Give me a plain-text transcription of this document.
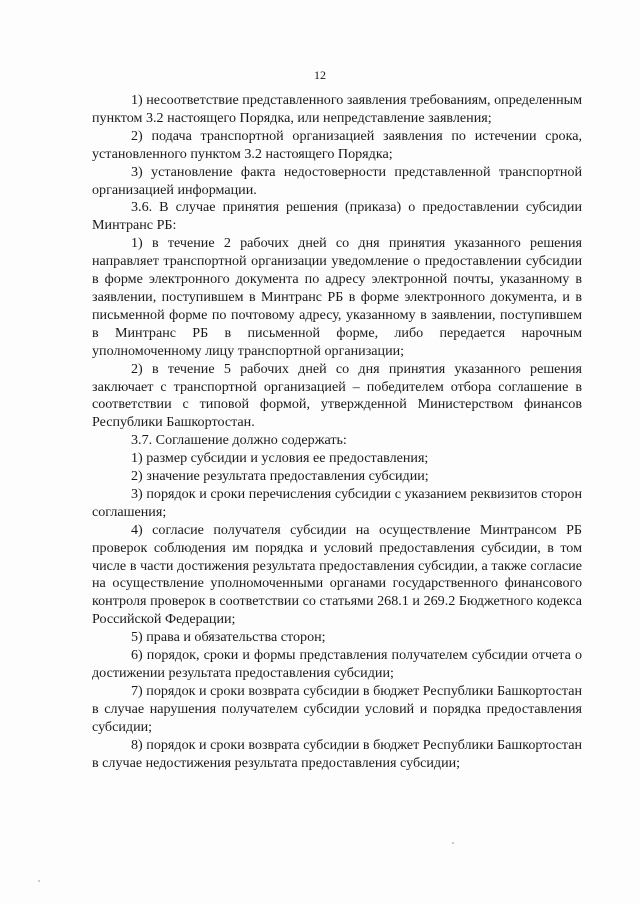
12

1) несоответствие представленного заявления требованиям, определенным пунктом 3.2 настоящего Порядка, или непредставление заявления;

2) подача транспортной организацией заявления по истечении срока, установленного пунктом 3.2 настоящего Порядка;

3) установление факта недостоверности представленной транспортной организацией информации.

3.6. В случае принятия решения (приказа) о предоставлении субсидии Минтранс РБ:

1) в течение 2 рабочих дней со дня принятия указанного решения направляет транспортной организации уведомление о предоставлении субсидии в форме электронного документа по адресу электронной почты, указанному в заявлении, поступившем в Минтранс РБ в форме электронного документа, и в письменной форме по почтовому адресу, указанному в заявлении, поступившем в Минтранс РБ в письменной форме, либо передается нарочным уполномоченному лицу транспортной организации;

2) в течение 5 рабочих дней со дня принятия указанного решения заключает с транспортной организацией – победителем отбора соглашение в соответствии с типовой формой, утвержденной Министерством финансов Республики Башкортостан.

3.7. Соглашение должно содержать:

1) размер субсидии и условия ее предоставления;

2) значение результата предоставления субсидии;

3) порядок и сроки перечисления субсидии с указанием реквизитов сторон соглашения;

4) согласие получателя субсидии на осуществление Минтрансом РБ проверок соблюдения им порядка и условий предоставления субсидии, в том числе в части достижения результата предоставления субсидии, а также согласие на осуществление уполномоченными органами государственного финансового контроля проверок в соответствии со статьями 268.1 и 269.2 Бюджетного кодекса Российской Федерации;

5) права и обязательства сторон;

6) порядок, сроки и формы представления получателем субсидии отчета о достижении результата предоставления субсидии;

7) порядок и сроки возврата субсидии в бюджет Республики Башкортостан в случае нарушения получателем субсидии условий и порядка предоставления субсидии;

8) порядок и сроки возврата субсидии в бюджет Республики Башкортостан в случае недостижения результата предоставления субсидии;
